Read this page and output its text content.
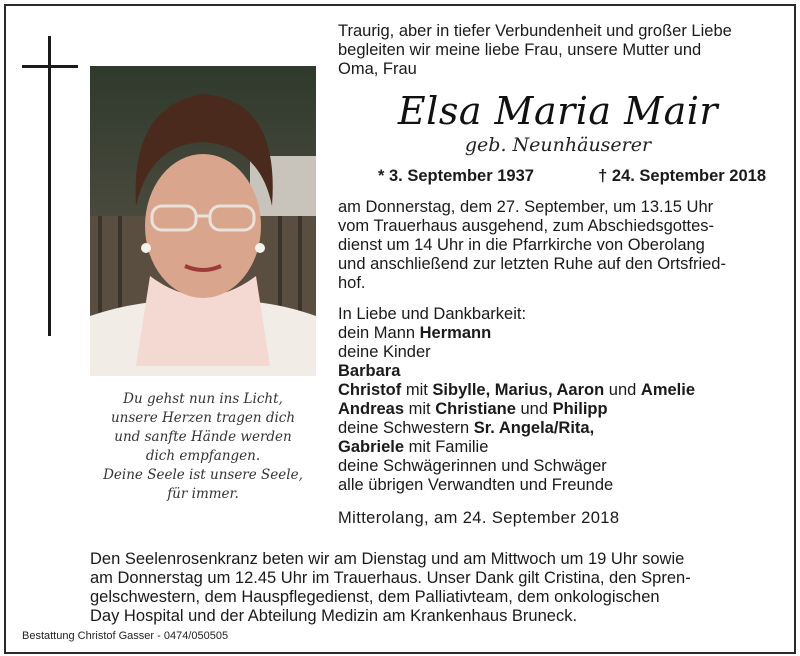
Du gehst nun ins Licht,
unsere Herzen tragen dich
und sanfte Hände werden
dich empfangen.
Deine Seele ist unsere Seele,
für immer.
Traurig, aber in tiefer Verbundenheit und großer Liebe
begleiten wir meine liebe Frau, unsere Mutter und
Oma, Frau
Elsa Maria Mair
geb. Neunhäuserer
* 3. September 1937	† 24. September 2018
am Donnerstag, dem 27. September, um 13.15 Uhr
vom Trauerhaus ausgehend, zum Abschiedsgottes-
dienst um 14 Uhr in die Pfarrkirche von Oberolang
und anschließend zur letzten Ruhe auf den Ortsfried-
hof.
In Liebe und Dankbarkeit:
dein Mann Hermann
deine Kinder
Barbara
Christof mit Sibylle, Marius, Aaron und Amelie
Andreas mit Christiane und Philipp
deine Schwestern Sr. Angela/Rita,
Gabriele mit Familie
deine Schwägerinnen und Schwäger
alle übrigen Verwandten und Freunde
Mitterolang, am 24. September 2018
Den Seelenrosenkranz beten wir am Dienstag und am Mittwoch um 19 Uhr sowie
am Donnerstag um 12.45 Uhr im Trauerhaus. Unser Dank gilt Cristina, den Spren-
gelschwestern, dem Hauspflegedienst, dem Palliativteam, dem onkologischen
Day Hospital und der Abteilung Medizin am Krankenhaus Bruneck.
Bestattung Christof Gasser - 0474/050505
